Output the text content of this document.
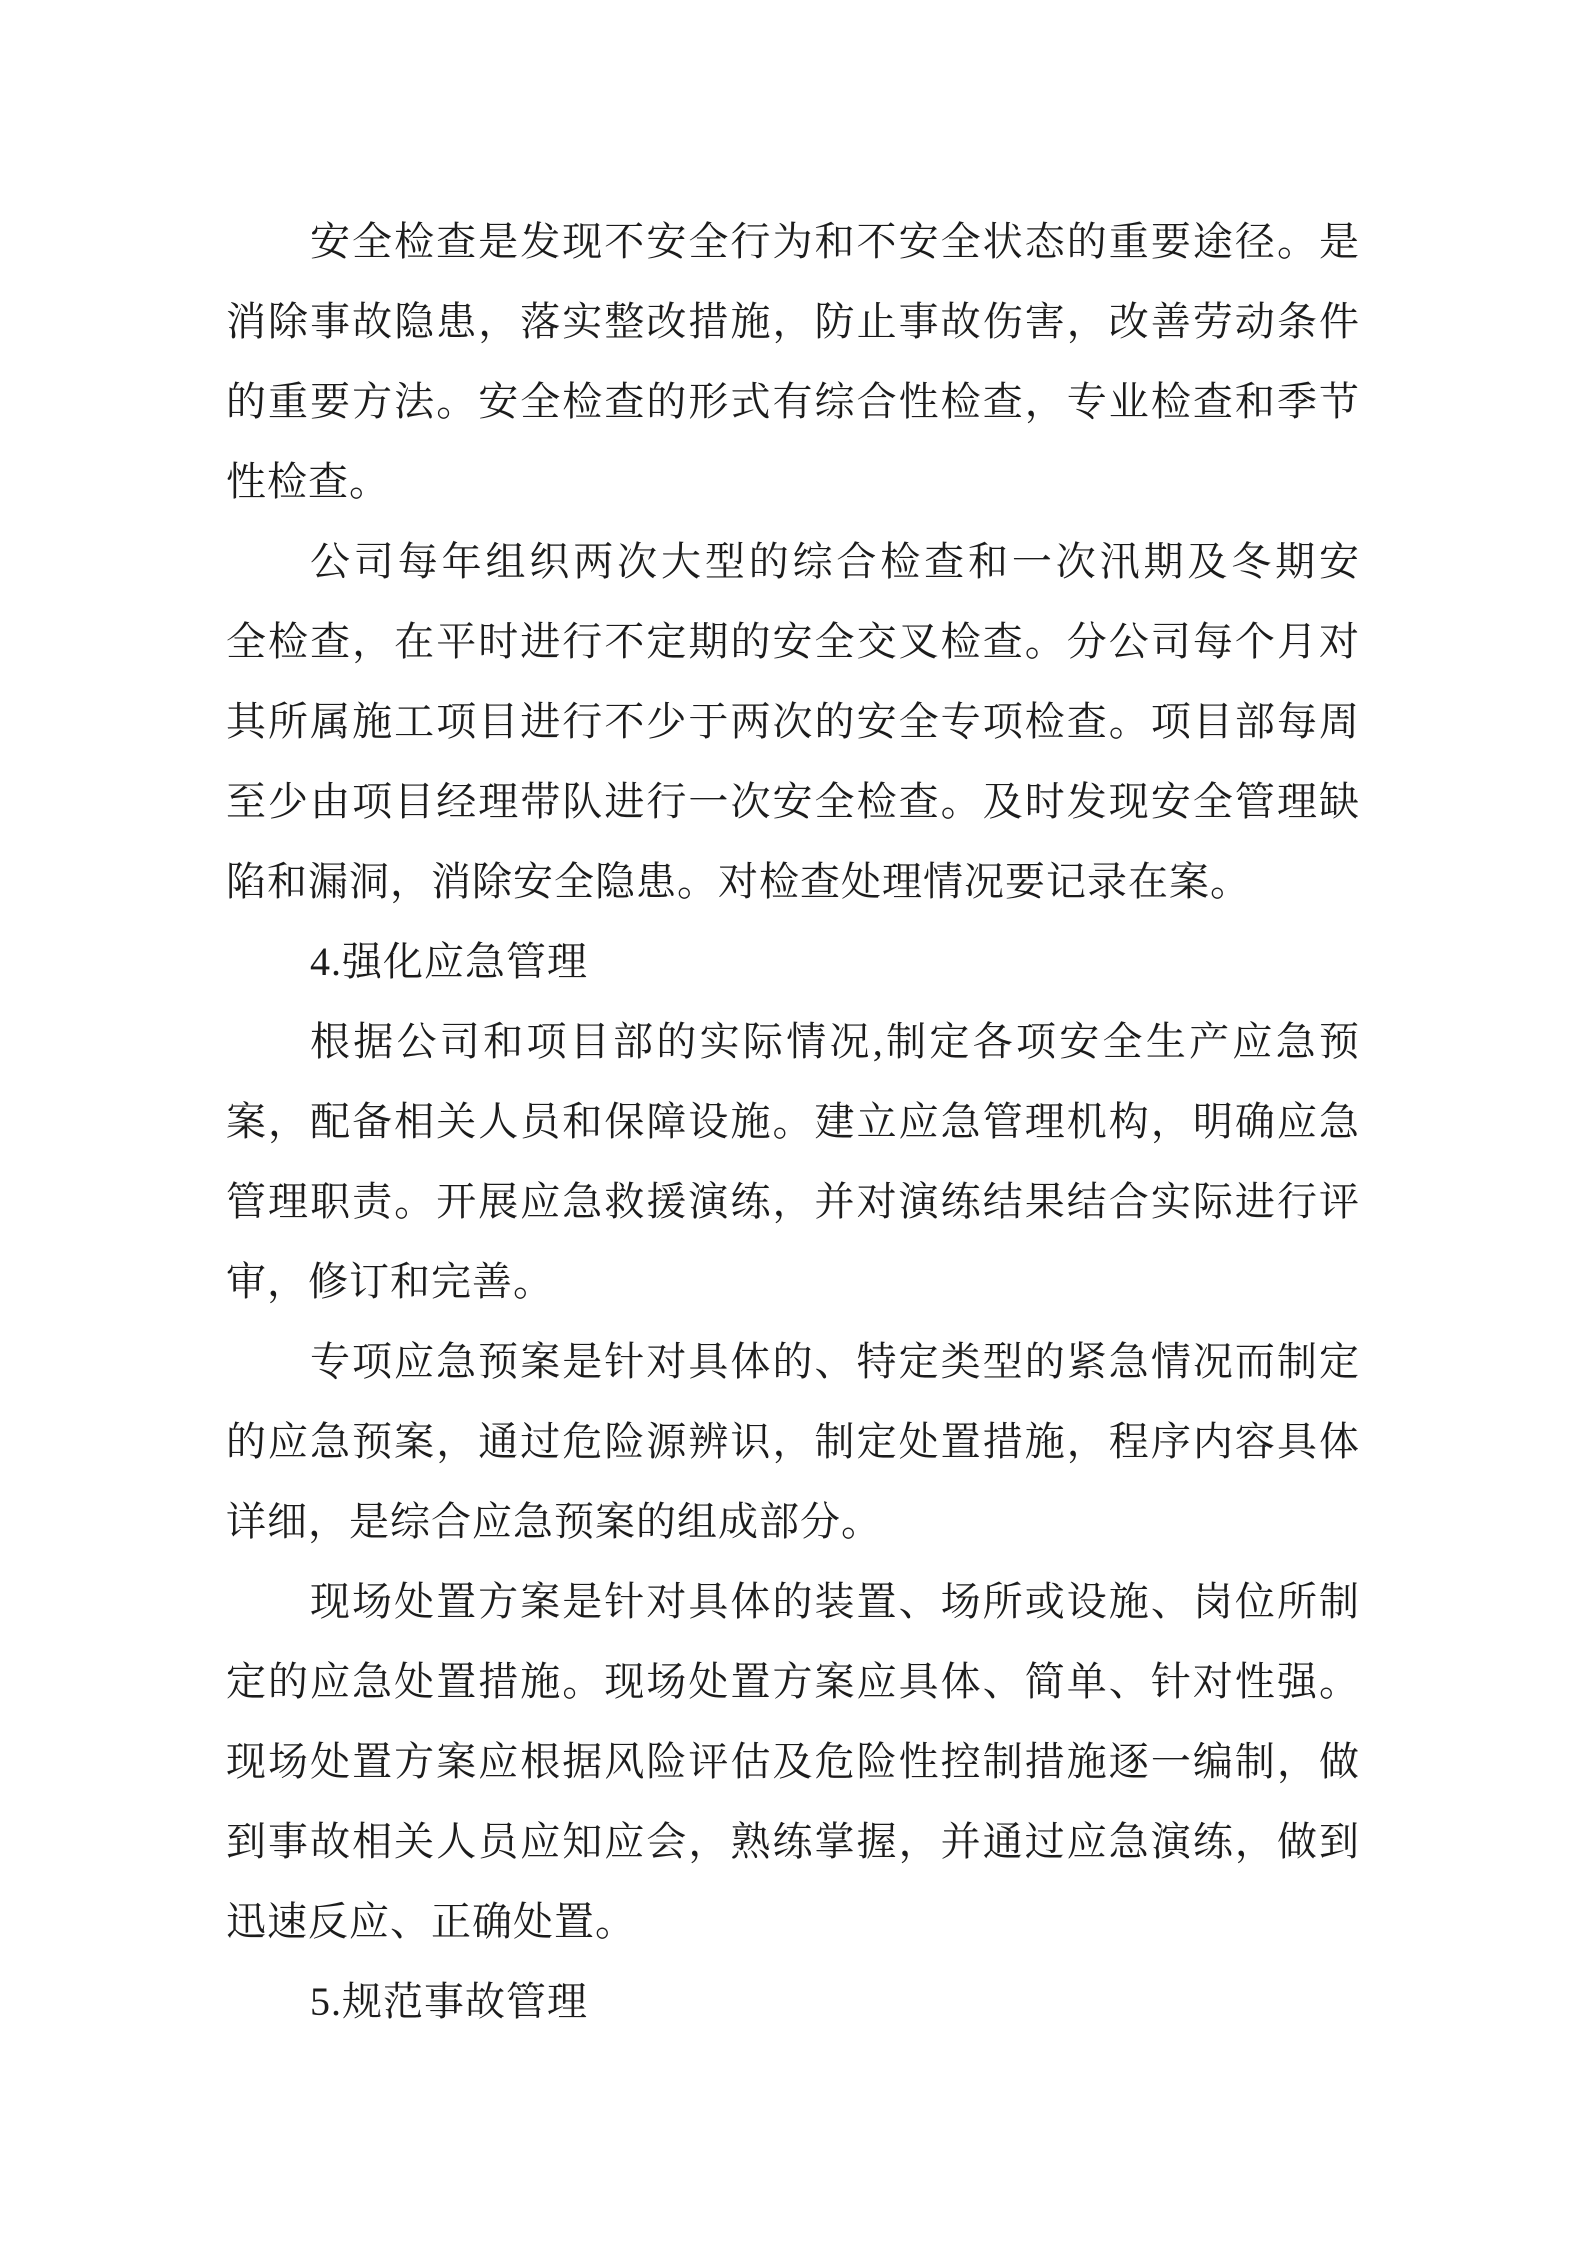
安全检查是发现不安全行为和不安全状态的重要途径。是
消除事故隐患，落实整改措施，防止事故伤害，改善劳动条件
的重要方法。安全检查的形式有综合性检查，专业检查和季节
性检查。
公司每年组织两次大型的综合检查和一次汛期及冬期安
全检查，在平时进行不定期的安全交叉检查。分公司每个月对
其所属施工项目进行不少于两次的安全专项检查。项目部每周
至少由项目经理带队进行一次安全检查。及时发现安全管理缺
陷和漏洞，消除安全隐患。对检查处理情况要记录在案。
4.强化应急管理
根据公司和项目部的实际情况,制定各项安全生产应急预
案，配备相关人员和保障设施。建立应急管理机构，明确应急
管理职责。开展应急救援演练，并对演练结果结合实际进行评
审，修订和完善。
专项应急预案是针对具体的、特定类型的紧急情况而制定
的应急预案，通过危险源辨识，制定处置措施，程序内容具体
详细，是综合应急预案的组成部分。
现场处置方案是针对具体的装置、场所或设施、岗位所制
定的应急处置措施。现场处置方案应具体、简单、针对性强。
现场处置方案应根据风险评估及危险性控制措施逐一编制，做
到事故相关人员应知应会，熟练掌握，并通过应急演练，做到
迅速反应、正确处置。
5.规范事故管理
